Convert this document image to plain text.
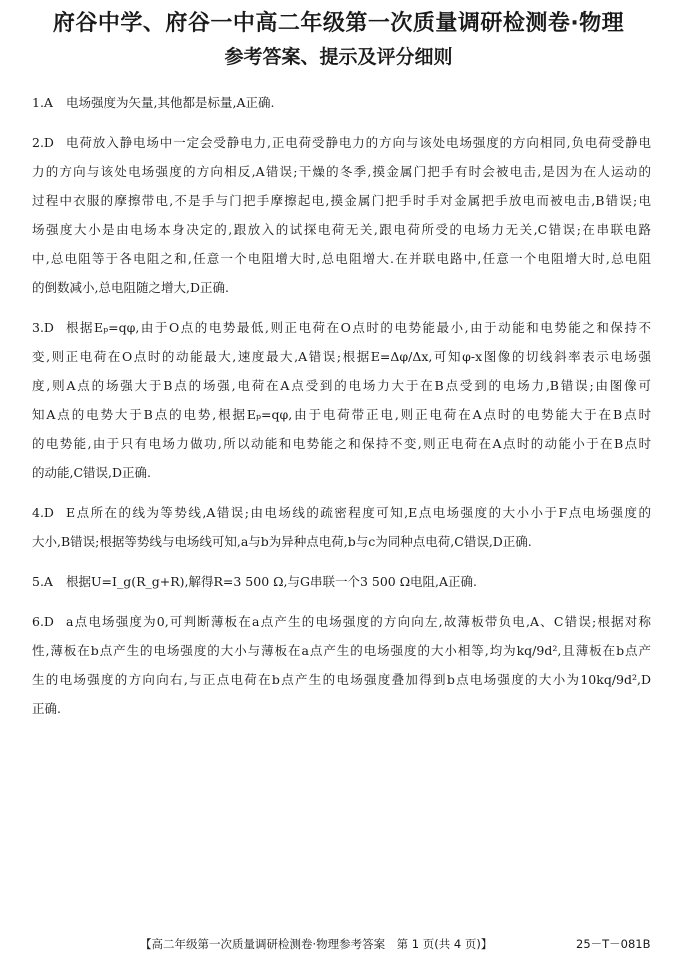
府谷中学、府谷一中高二年级第一次质量调研检测卷·物理
参考答案、提示及评分细则
1.A	电场强度为矢量,其他都是标量,A正确.
2.D 电荷放入静电场中一定会受静电力,正电荷受静电力的方向与该处电场强度的方向相同,负电荷受静电
力的方向与该处电场强度的方向相反,A错误;干燥的冬季,摸金属门把手有时会被电击,是因为在人运动的
过程中衣服的摩擦带电,不是手与门把手摩擦起电,摸金属门把手时手对金属把手放电而被电击,B错误;电
场强度大小是由电场本身决定的,跟放入的试探电荷无关,跟电荷所受的电场力无关,C错误;在串联电路
中,总电阻等于各电阻之和,任意一个电阻增大时,总电阻增大.在并联电路中,任意一个电阻增大时,总电阻
的倒数减小,总电阻随之增大,D正确.
3.D 根据Eₚ=qφ,由于O点的电势最低,则正电荷在O点时的电势能最小,由于动能和电势能之和保持不
变,则正电荷在O点时的动能最大,速度最大,A错误;根据E=Δφ/Δx,可知φ-x图像的切线斜率表示电场强
度,则A点的场强大于B点的场强,电荷在A点受到的电场力大于在B点受到的电场力,B错误;由图像可
知A点的电势大于B点的电势,根据Eₚ=qφ,由于电荷带正电,则正电荷在A点时的电势能大于在B点时
的电势能,由于只有电场力做功,所以动能和电势能之和保持不变,则正电荷在A点时的动能小于在B点时
的动能,C错误,D正确.
4.D E点所在的线为等势线,A错误;由电场线的疏密程度可知,E点电场强度的大小小于F点电场强度的
大小,B错误;根据等势线与电场线可知,a与b为异种点电荷,b与c为同种点电荷,C错误,D正确.
5.A	根据U=I_g(R_g+R),解得R=3 500 Ω,与G串联一个3 500 Ω电阻,A正确.
6.D a点电场强度为0,可判断薄板在a点产生的电场强度的方向向左,故薄板带负电,A、C错误;根据对称
性,薄板在b点产生的电场强度的大小与薄板在a点产生的电场强度的大小相等,均为kq/9d²,且薄板在b点产
生的电场强度的方向向右,与正点电荷在b点产生的电场强度叠加得到b点电场强度的大小为10kq/9d²,D
正确.
【高二年级第一次质量调研检测卷·物理参考答案　第 1 页(共 4 页)】	25－T－081B
